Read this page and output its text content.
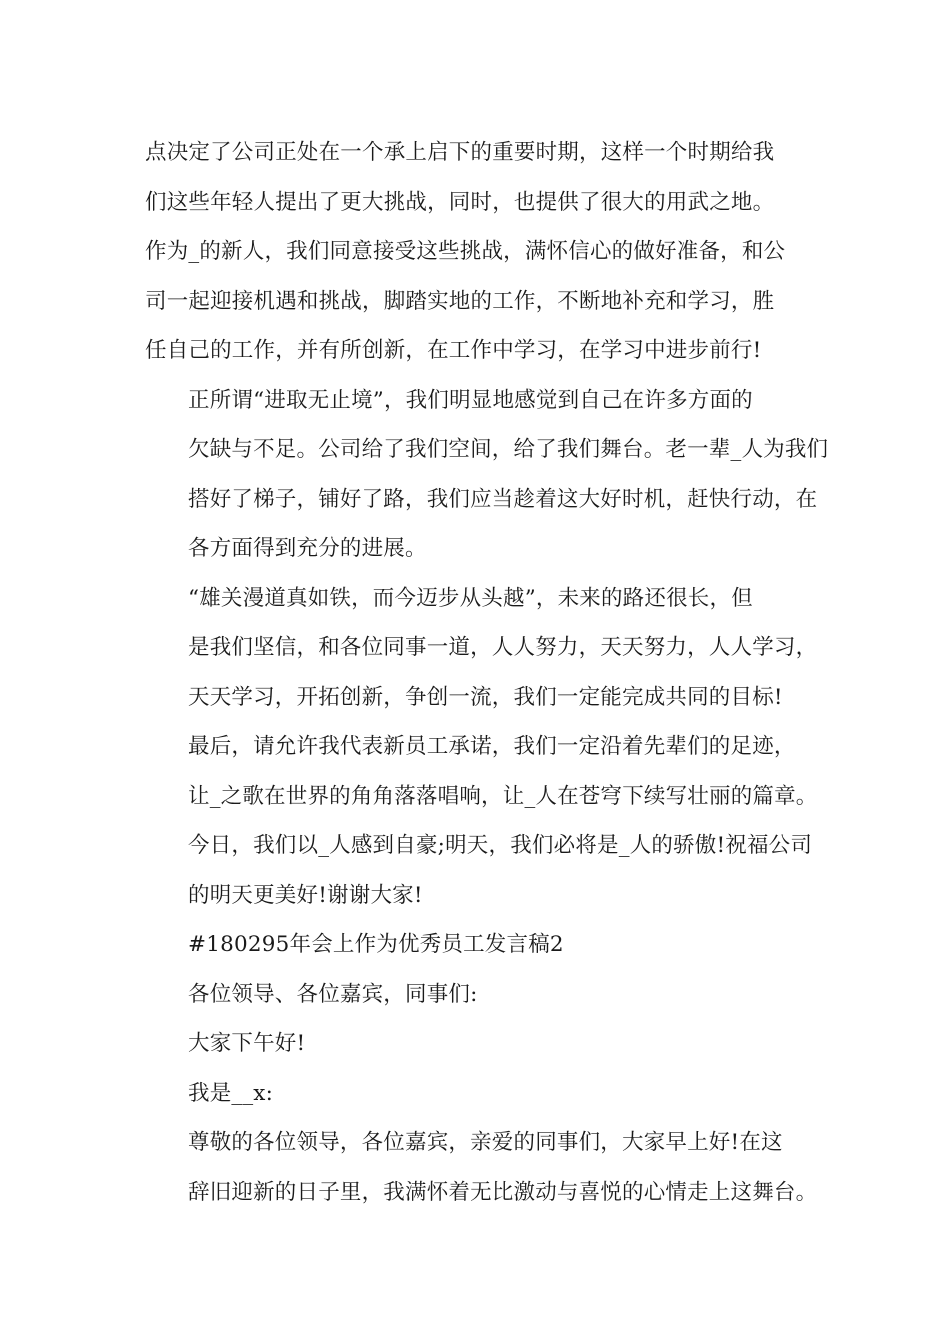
点决定了公司正处在一个承上启下的重要时期，这样一个时期给我
们这些年轻人提出了更大挑战，同时，也提供了很大的用武之地。
作为_的新人，我们同意接受这些挑战，满怀信心的做好准备，和公
司一起迎接机遇和挑战，脚踏实地的工作，不断地补充和学习，胜
任自己的工作，并有所创新，在工作中学习，在学习中进步前行!

正所谓“进取无止境”，我们明显地感觉到自己在许多方面的
欠缺与不足。公司给了我们空间，给了我们舞台。老一辈_人为我们
搭好了梯子，铺好了路，我们应当趁着这大好时机，赶快行动，在
各方面得到充分的进展。

“雄关漫道真如铁，而今迈步从头越”，未来的路还很长，但
是我们坚信，和各位同事一道，人人努力，天天努力，人人学习，
天天学习，开拓创新，争创一流，我们一定能完成共同的目标!

最后，请允许我代表新员工承诺，我们一定沿着先辈们的足迹，
让_之歌在世界的角角落落唱响，让_人在苍穹下续写壮丽的篇章。
今日，我们以_人感到自豪;明天，我们必将是_人的骄傲!祝福公司
的明天更美好!谢谢大家!

#180295年会上作为优秀员工发言稿2

各位领导、各位嘉宾，同事们:

大家下午好!

我是__x:

尊敬的各位领导，各位嘉宾，亲爱的同事们，大家早上好!在这
辞旧迎新的日子里，我满怀着无比激动与喜悦的心情走上这舞台。
